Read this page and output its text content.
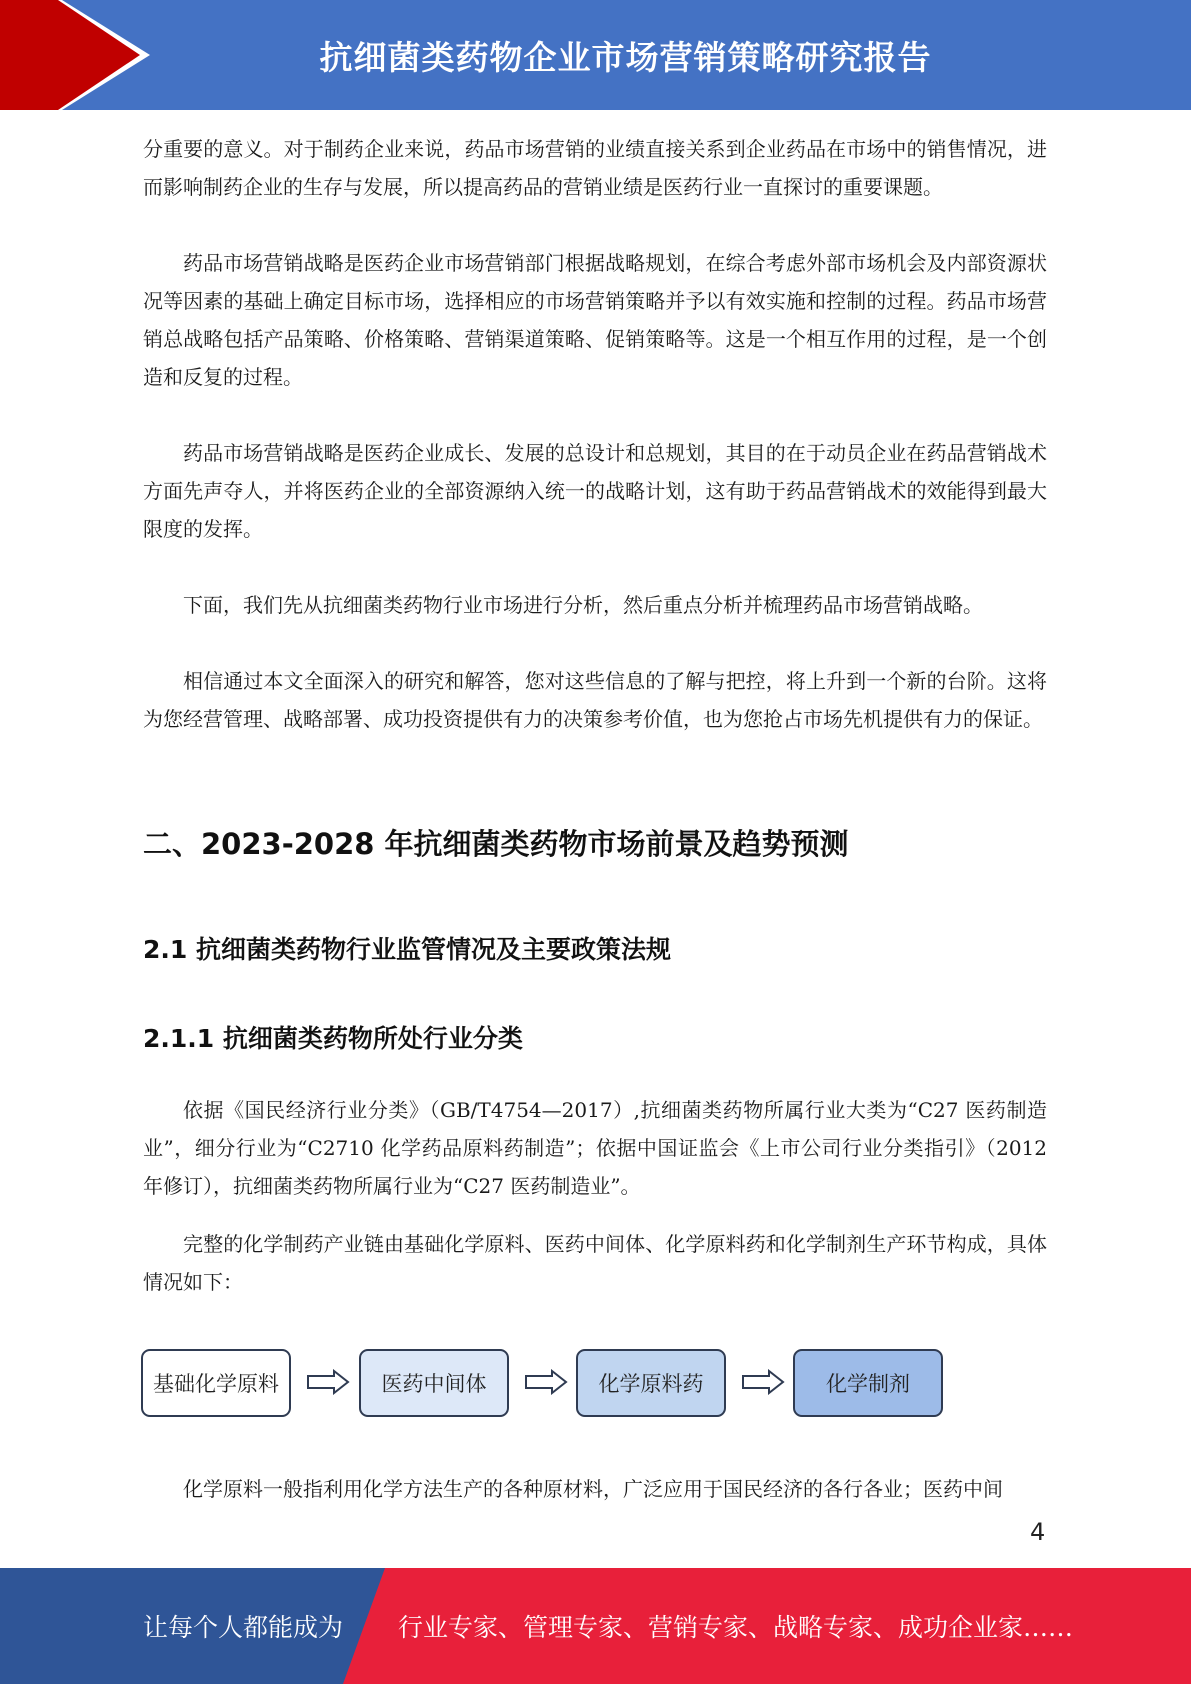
抗细菌类药物企业市场营销策略研究报告

分重要的意义。对于制药企业来说，药品市场营销的业绩直接关系到企业药品在市场中的销售情况，进而影响制药企业的生存与发展，所以提高药品的营销业绩是医药行业一直探讨的重要课题。

药品市场营销战略是医药企业市场营销部门根据战略规划，在综合考虑外部市场机会及内部资源状况等因素的基础上确定目标市场，选择相应的市场营销策略并予以有效实施和控制的过程。药品市场营销总战略包括产品策略、价格策略、营销渠道策略、促销策略等。这是一个相互作用的过程，是一个创造和反复的过程。

药品市场营销战略是医药企业成长、发展的总设计和总规划，其目的在于动员企业在药品营销战术方面先声夺人，并将医药企业的全部资源纳入统一的战略计划，这有助于药品营销战术的效能得到最大限度的发挥。

下面，我们先从抗细菌类药物行业市场进行分析，然后重点分析并梳理药品市场营销战略。

相信通过本文全面深入的研究和解答，您对这些信息的了解与把控，将上升到一个新的台阶。这将为您经营管理、战略部署、成功投资提供有力的决策参考价值，也为您抢占市场先机提供有力的保证。

二、2023-2028 年抗细菌类药物市场前景及趋势预测
2.1 抗细菌类药物行业监管情况及主要政策法规
2.1.1 抗细菌类药物所处行业分类

依据《国民经济行业分类》（GB/T4754—2017）,抗细菌类药物所属行业大类为“C27 医药制造业”，细分行业为“C2710 化学药品原料药制造”；依据中国证监会《上市公司行业分类指引》（2012 年修订），抗细菌类药物所属行业为“C27 医药制造业”。

完整的化学制药产业链由基础化学原料、医药中间体、化学原料药和化学制剂生产环节构成，具体情况如下：

基础化学原料	医药中间体	化学原料药	化学制剂

化学原料一般指利用化学方法生产的各种原材料，广泛应用于国民经济的各行各业；医药中间

4
让每个人都能成为 行业专家、管理专家、营销专家、战略专家、成功企业家……
